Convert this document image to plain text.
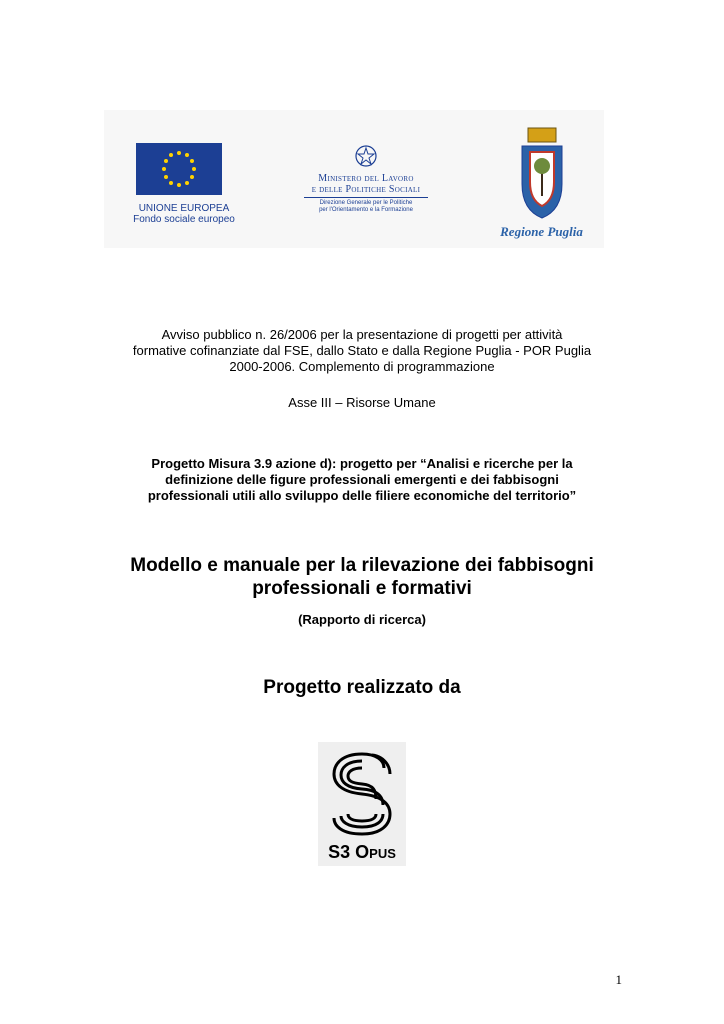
UNIONE EUROPEA
Fondo sociale europeo
Ministero del Lavoro
e delle Politiche Sociali
Direzione Generale per le Politiche
per l'Orientamento e la Formazione
Regione Puglia
Avviso pubblico n. 26/2006 per la presentazione di progetti per attività
formative cofinanziate dal FSE, dallo Stato e dalla Regione Puglia - POR Puglia
2000-2006. Complemento di programmazione
Asse III – Risorse Umane
Progetto Misura 3.9 azione d): progetto per “Analisi e ricerche per la
definizione delle figure professionali emergenti e dei fabbisogni
professionali utili allo sviluppo delle filiere economiche del territorio”
Modello e manuale per la rilevazione dei fabbisogni
professionali e formativi
(Rapporto di ricerca)
Progetto realizzato da
S3 Opus
1
